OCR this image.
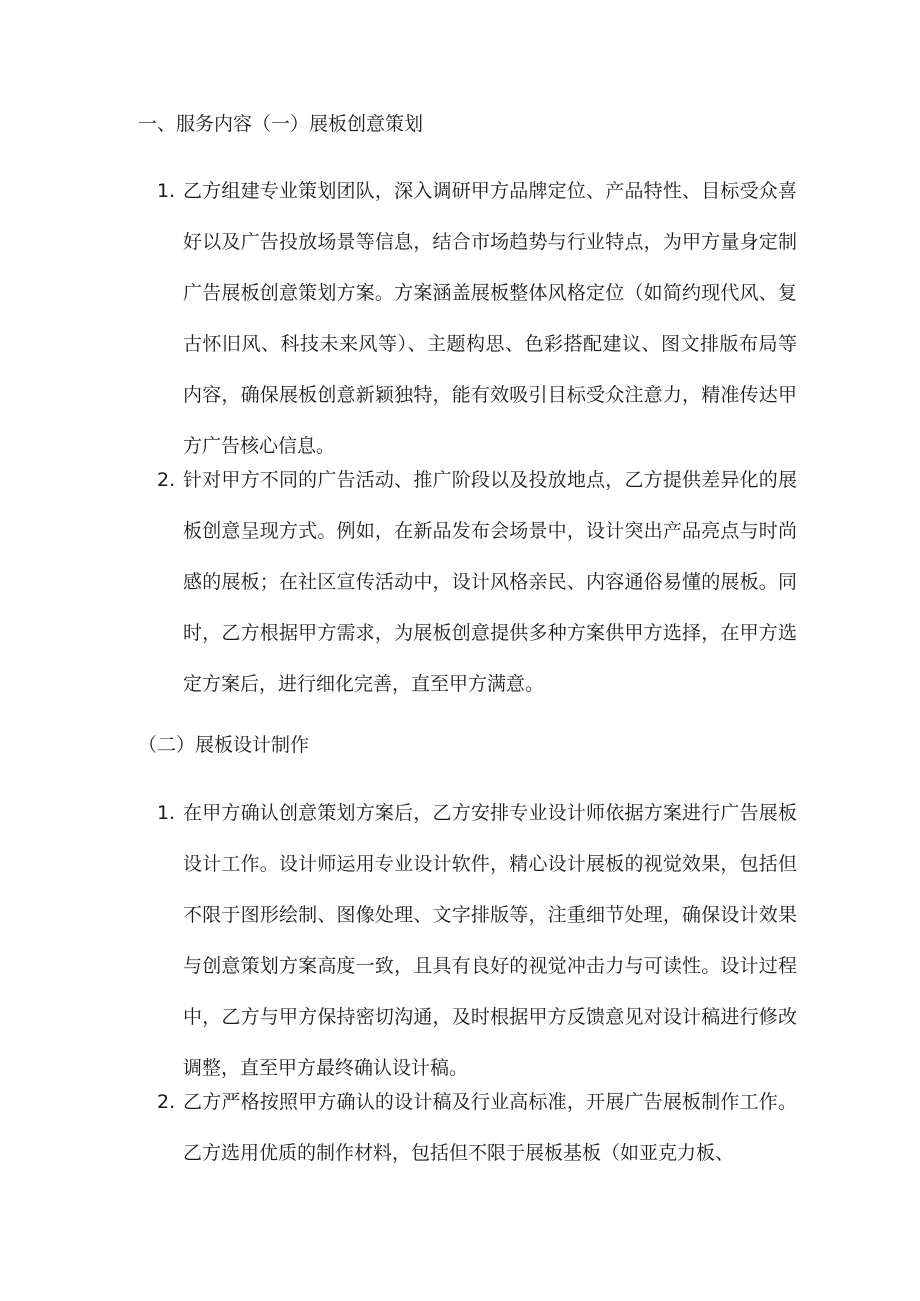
一、服务内容（一）展板创意策划
1. 乙方组建专业策划团队，深入调研甲方品牌定位、产品特性、目标受众喜好以及广告投放场景等信息，结合市场趋势与行业特点，为甲方量身定制广告展板创意策划方案。方案涵盖展板整体风格定位（如简约现代风、复古怀旧风、科技未来风等）、主题构思、色彩搭配建议、图文排版布局等内容，确保展板创意新颖独特，能有效吸引目标受众注意力，精准传达甲方广告核心信息。
2. 针对甲方不同的广告活动、推广阶段以及投放地点，乙方提供差异化的展板创意呈现方式。例如，在新品发布会场景中，设计突出产品亮点与时尚感的展板；在社区宣传活动中，设计风格亲民、内容通俗易懂的展板。同时，乙方根据甲方需求，为展板创意提供多种方案供甲方选择，在甲方选定方案后，进行细化完善，直至甲方满意。
（二）展板设计制作
1. 在甲方确认创意策划方案后，乙方安排专业设计师依据方案进行广告展板设计工作。设计师运用专业设计软件，精心设计展板的视觉效果，包括但不限于图形绘制、图像处理、文字排版等，注重细节处理，确保设计效果与创意策划方案高度一致，且具有良好的视觉冲击力与可读性。设计过程中，乙方与甲方保持密切沟通，及时根据甲方反馈意见对设计稿进行修改调整，直至甲方最终确认设计稿。
2. 乙方严格按照甲方确认的设计稿及行业高标准，开展广告展板制作工作。乙方选用优质的制作材料，包括但不限于展板基板（如亚克力板、
